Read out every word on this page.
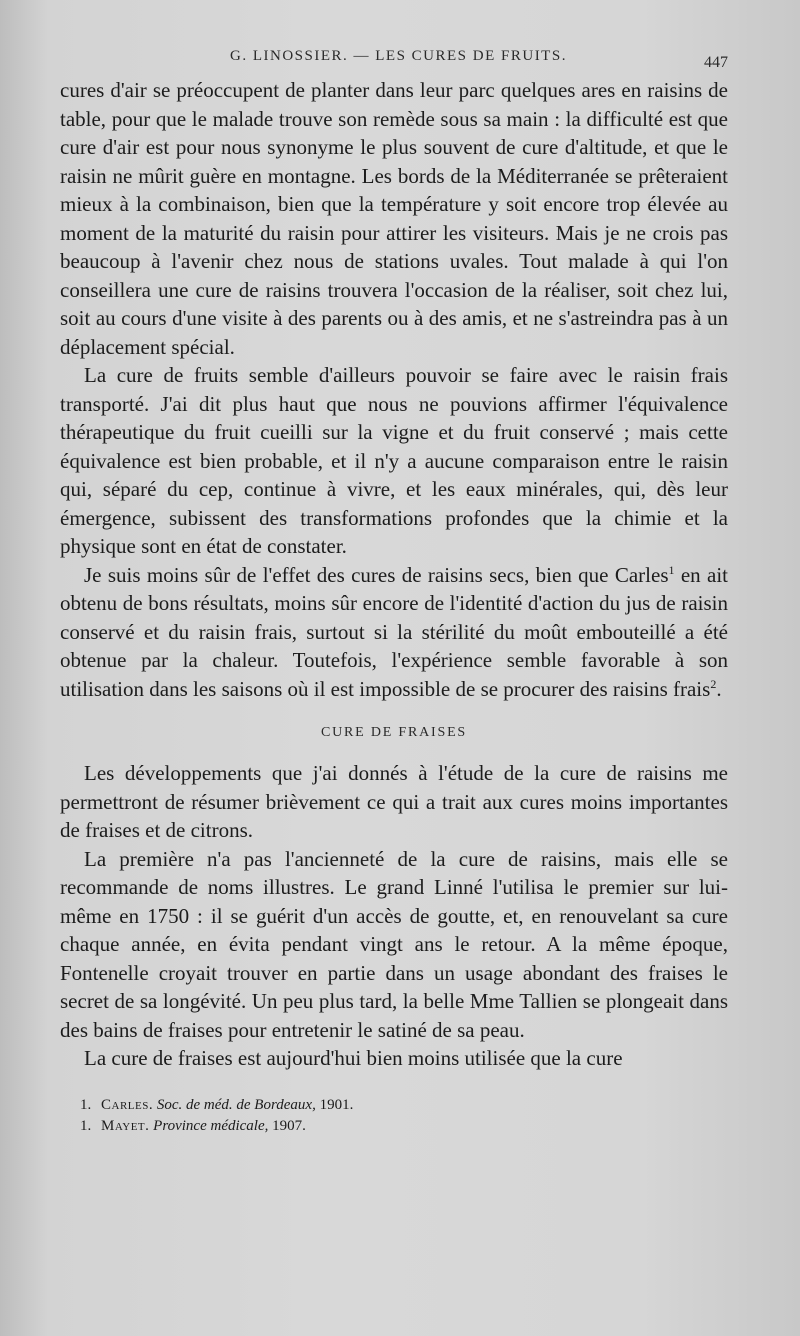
G. LINOSSIER. — LES CURES DE FRUITS.	447

cures d'air se préoccupent de planter dans leur parc quelques ares en raisins de table, pour que le malade trouve son remède sous sa main : la difficulté est que cure d'air est pour nous synonyme le plus souvent de cure d'altitude, et que le raisin ne mûrit guère en montagne. Les bords de la Méditerranée se prêteraient mieux à la combinaison, bien que la température y soit encore trop élevée au moment de la maturité du raisin pour attirer les visiteurs. Mais je ne crois pas beaucoup à l'avenir chez nous de stations uvales. Tout malade à qui l'on conseillera une cure de raisins trouvera l'occasion de la réaliser, soit chez lui, soit au cours d'une visite à des parents ou à des amis, et ne s'astreindra pas à un déplacement spécial.

La cure de fruits semble d'ailleurs pouvoir se faire avec le raisin frais transporté. J'ai dit plus haut que nous ne pouvions affirmer l'équivalence thérapeutique du fruit cueilli sur la vigne et du fruit conservé ; mais cette équivalence est bien probable, et il n'y a aucune comparaison entre le raisin qui, séparé du cep, continue à vivre, et les eaux minérales, qui, dès leur émergence, subissent des transformations profondes que la chimie et la physique sont en état de constater.

Je suis moins sûr de l'effet des cures de raisins secs, bien que Carles$^1$ en ait obtenu de bons résultats, moins sûr encore de l'identité d'action du jus de raisin conservé et du raisin frais, surtout si la stérilité du moût embouteillé a été obtenue par la chaleur. Toutefois, l'expérience semble favorable à son utilisation dans les saisons où il est impossible de se procurer des raisins frais$^2$.

CURE DE FRAISES

Les développements que j'ai donnés à l'étude de la cure de raisins me permettront de résumer brièvement ce qui a trait aux cures moins importantes de fraises et de citrons.

La première n'a pas l'ancienneté de la cure de raisins, mais elle se recommande de noms illustres. Le grand Linné l'utilisa le premier sur lui-même en 1750 : il se guérit d'un accès de goutte, et, en renouvelant sa cure chaque année, en évita pendant vingt ans le retour. A la même époque, Fontenelle croyait trouver en partie dans un usage abondant des fraises le secret de sa longévité. Un peu plus tard, la belle Mme Tallien se plongeait dans des bains de fraises pour entretenir le satiné de sa peau.

La cure de fraises est aujourd'hui bien moins utilisée que la cure

1. Carles. Soc. de méd. de Bordeaux, 1901.
1. Mayet. Province médicale, 1907.
